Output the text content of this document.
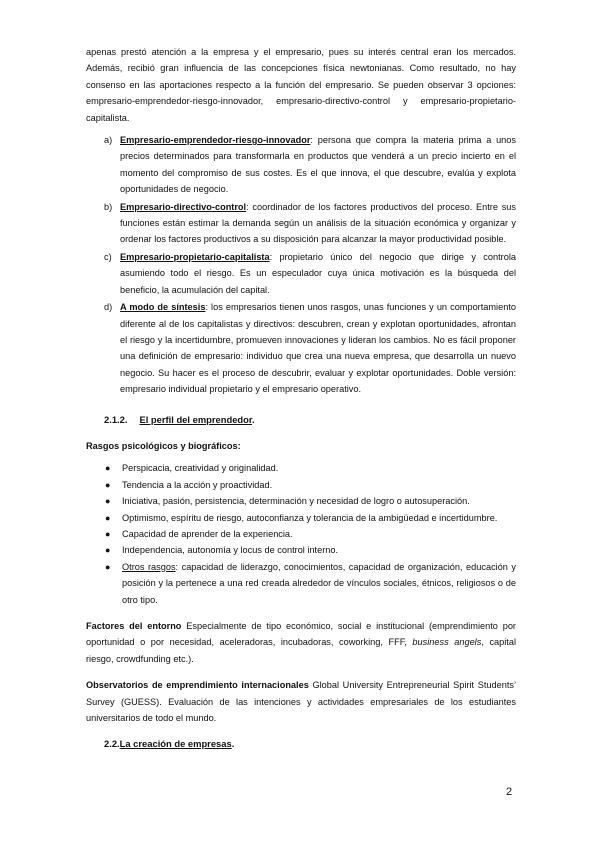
apenas prestó atención a la empresa y el empresario, pues su interés central eran los mercados. Además, recibió gran influencia de las concepciones física newtonianas. Como resultado, no hay consenso en las aportaciones respecto a la función del empresario. Se pueden observar 3 opciones: empresario-emprendedor-riesgo-innovador, empresario-directivo-control y empresario-propietario-capitalista.

a) Empresario-emprendedor-riesgo-innovador: persona que compra la materia prima a unos precios determinados para transformarla en productos que venderá a un precio incierto en el momento del compromiso de sus costes. Es el que innova, el que descubre, evalúa y explota oportunidades de negocio.
b) Empresario-directivo-control: coordinador de los factores productivos del proceso. Entre sus funciones están estimar la demanda según un análisis de la situación económica y organizar y ordenar los factores productivos a su disposición para alcanzar la mayor productividad posible.
c) Empresario-propietario-capitalista: propietario único del negocio que dirige y controla asumiendo todo el riesgo. Es un especulador cuya única motivación es la búsqueda del beneficio, la acumulación del capital.
d) A modo de síntesis: los empresarios tienen unos rasgos, unas funciones y un comportamiento diferente al de los capitalistas y directivos: descubren, crean y explotan oportunidades, afrontan el riesgo y la incertidumbre, promueven innovaciones y lideran los cambios. No es fácil proponer una definición de empresario: individuo que crea una nueva empresa, que desarrolla un nuevo negocio. Su hacer es el proceso de descubrir, evaluar y explotar oportunidades. Doble versión: empresario individual propietario y el empresario operativo.
2.1.2. El perfil del emprendedor.

Rasgos psicológicos y biográficos:

● Perspicacia, creatividad y originalidad.
● Tendencia a la acción y proactividad.
● Iniciativa, pasión, persistencia, determinación y necesidad de logro o autosuperación.
● Optimismo, espíritu de riesgo, autoconfianza y tolerancia de la ambigüedad e incertidumbre.
● Capacidad de aprender de la experiencia.
● Independencia, autonomía y locus de control interno.
● Otros rasgos: capacidad de liderazgo, conocimientos, capacidad de organización, educación y posición y la pertenece a una red creada alrededor de vínculos sociales, étnicos, religiosos o de otro tipo.

Factores del entorno Especialmente de tipo económico, social e institucional (emprendimiento por oportunidad o por necesidad, aceleradoras, incubadoras, coworking, FFF, business angels, capital riesgo, crowdfunding etc.).

Observatorios de emprendimiento internacionales Global University Entrepreneurial Spirit Students’ Survey (GUESS). Evaluación de las intenciones y actividades empresariales de los estudiantes universitarios de todo el mundo.

2.2.La creación de empresas.
2
